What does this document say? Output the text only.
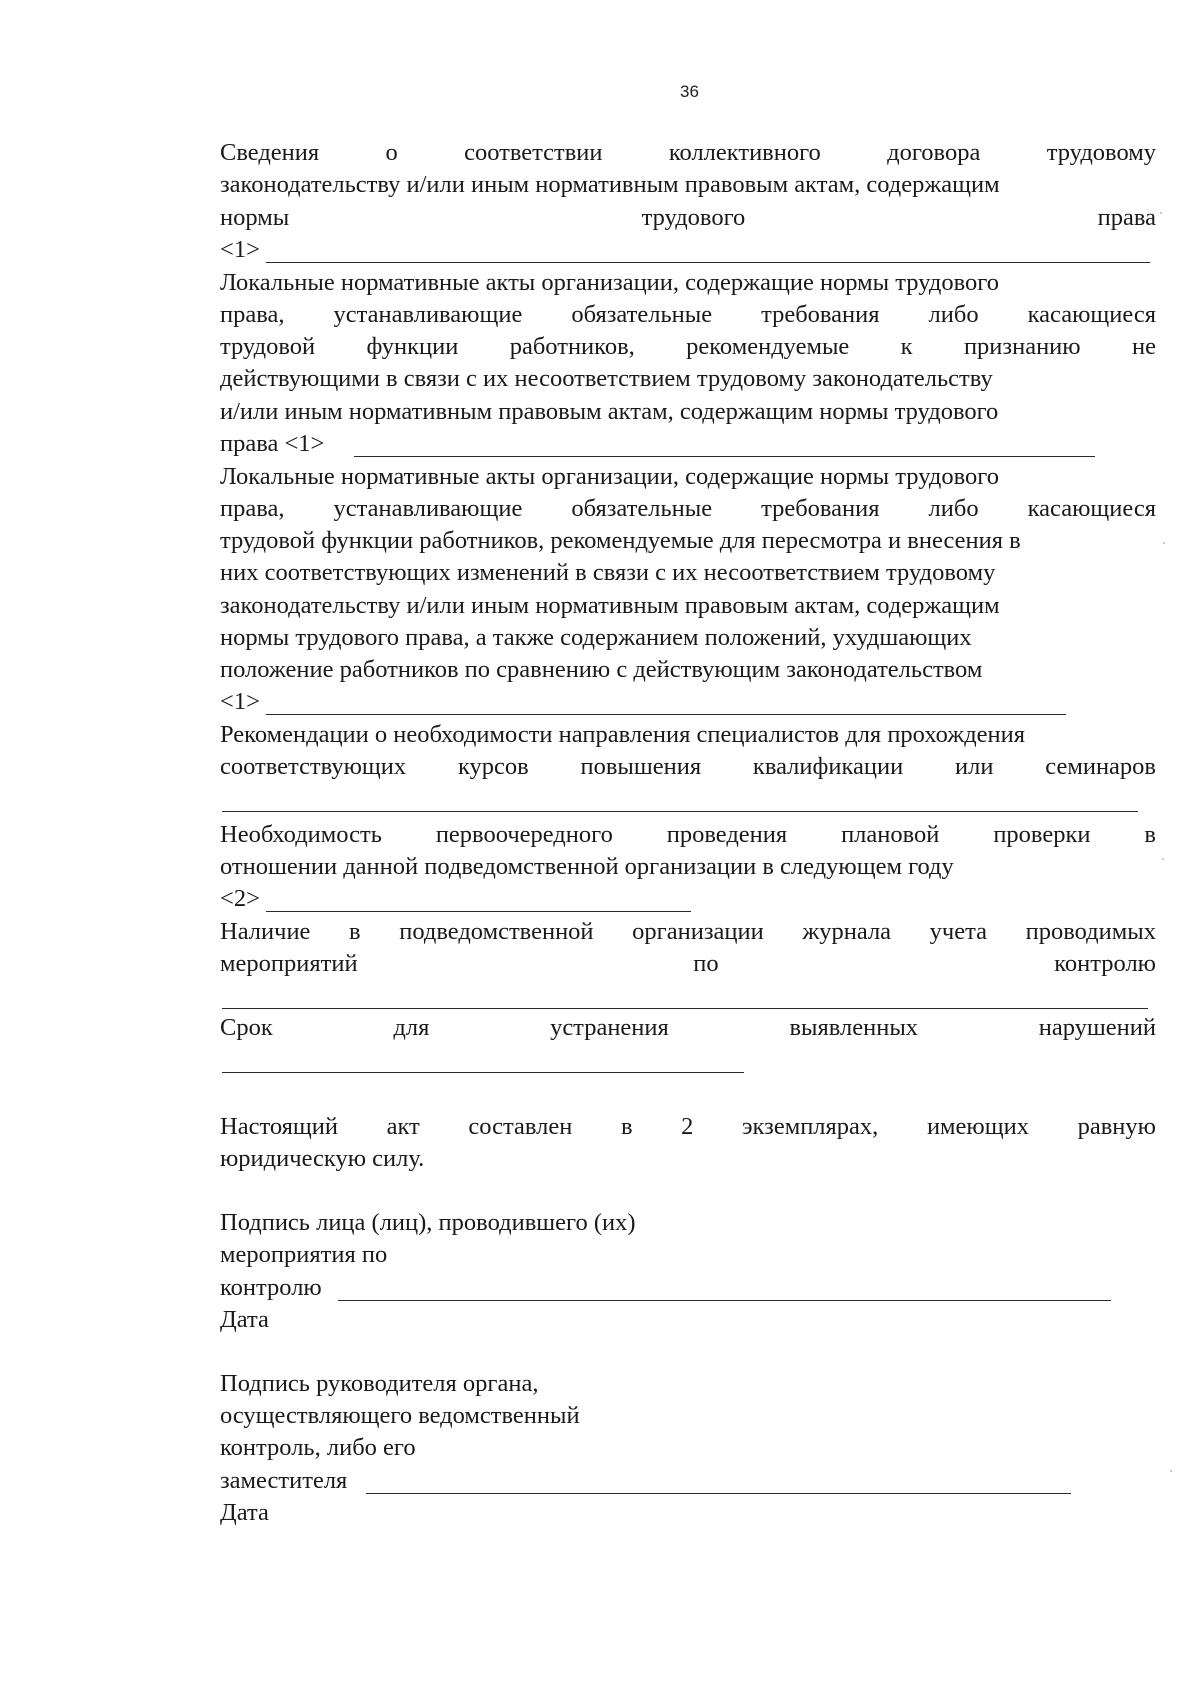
36
Сведения	о	соответствии	коллективного	договора	трудовому
законодательству и/или иным нормативным правовым актам, содержащим
нормы	трудового	права
<1>
Локальные нормативные акты организации, содержащие нормы трудового
права, устанавливающие обязательные требования либо касающиеся
трудовой функции работников, рекомендуемые к признанию не
действующими в связи с их несоответствием трудовому законодательству
и/или иным нормативным правовым актам, содержащим нормы трудового
права <1>
Локальные нормативные акты организации, содержащие нормы трудового
права, устанавливающие обязательные требования либо касающиеся
трудовой функции работников, рекомендуемые для пересмотра и внесения в
них соответствующих изменений в связи с их несоответствием трудовому
законодательству и/или иным нормативным правовым актам, содержащим
нормы трудового права, а также содержанием положений, ухудшающих
положение работников по сравнению с действующим законодательством
<1>
Рекомендации о необходимости направления специалистов для прохождения
соответствующих курсов повышения квалификации или семинаров
Необходимость первоочередного проведения плановой проверки в
отношении данной подведомственной организации в следующем году
<2>
Наличие в подведомственной организации журнала учета проводимых
мероприятий	по	контролю
Срок	для	устранения	выявленных	нарушений
Настоящий акт составлен в 2 экземплярах, имеющих равную
юридическую силу.
Подпись лица (лиц), проводившего (их)
мероприятия по
контролю
Дата
Подпись руководителя органа,
осуществляющего ведомственный
контроль, либо его
заместителя
Дата
